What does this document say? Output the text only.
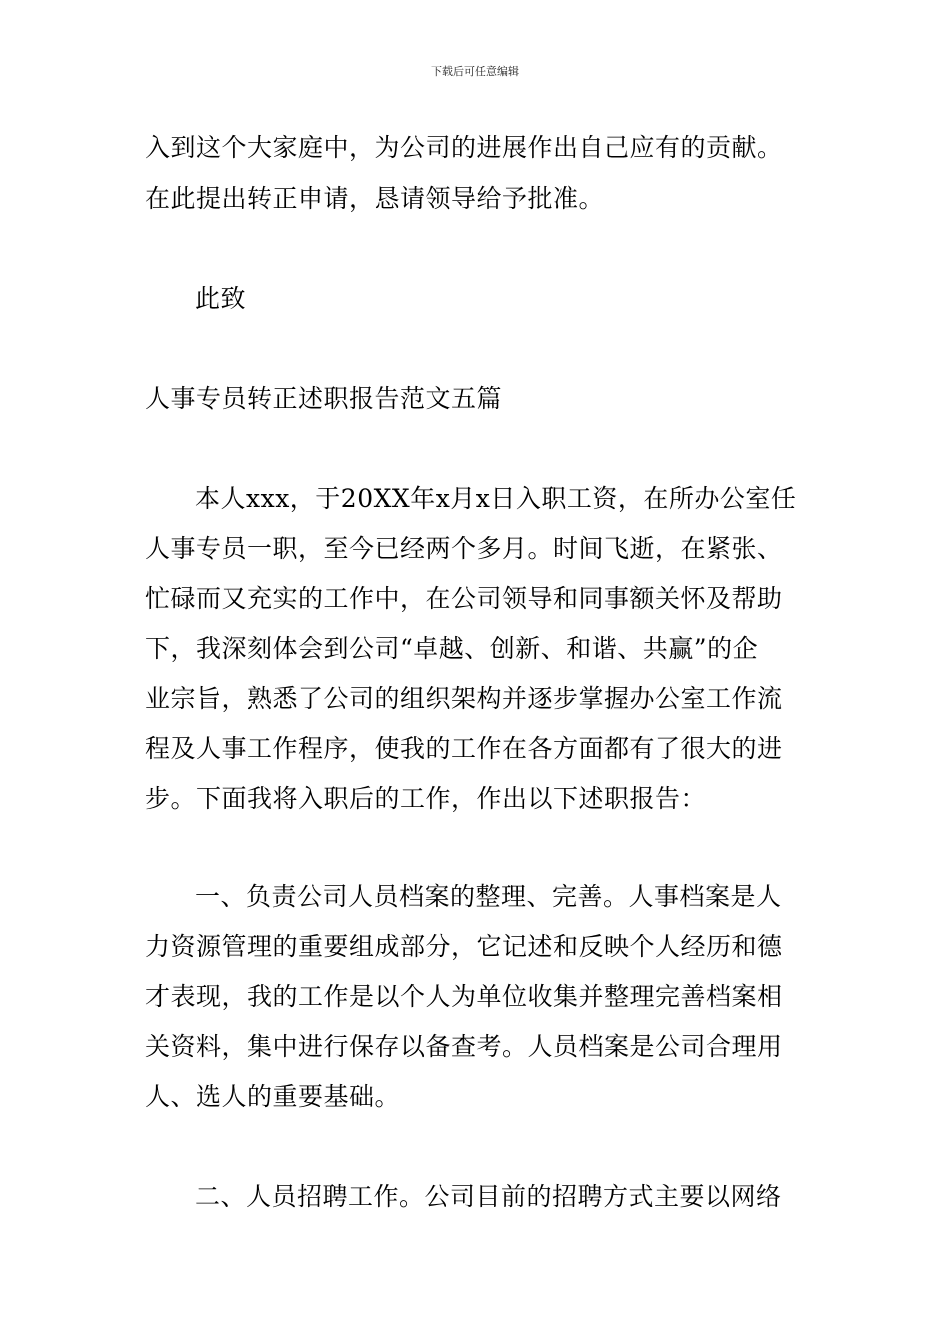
下载后可任意编辑
入到这个大家庭中，为公司的进展作出自己应有的贡献。
在此提出转正申请，恳请领导给予批准。
此致
人事专员转正述职报告范文五篇
本人xxx，于20XX年x月x日入职工资，在所办公室任
人事专员一职，至今已经两个多月。时间飞逝，在紧张、
忙碌而又充实的工作中，在公司领导和同事额关怀及帮助
下，我深刻体会到公司“卓越、创新、和谐、共赢”的企
业宗旨，熟悉了公司的组织架构并逐步掌握办公室工作流
程及人事工作程序，使我的工作在各方面都有了很大的进
步。下面我将入职后的工作，作出以下述职报告：
一、负责公司人员档案的整理、完善。人事档案是人
力资源管理的重要组成部分，它记述和反映个人经历和德
才表现，我的工作是以个人为单位收集并整理完善档案相
关资料，集中进行保存以备查考。人员档案是公司合理用
人、选人的重要基础。
二、人员招聘工作。公司目前的招聘方式主要以网络
